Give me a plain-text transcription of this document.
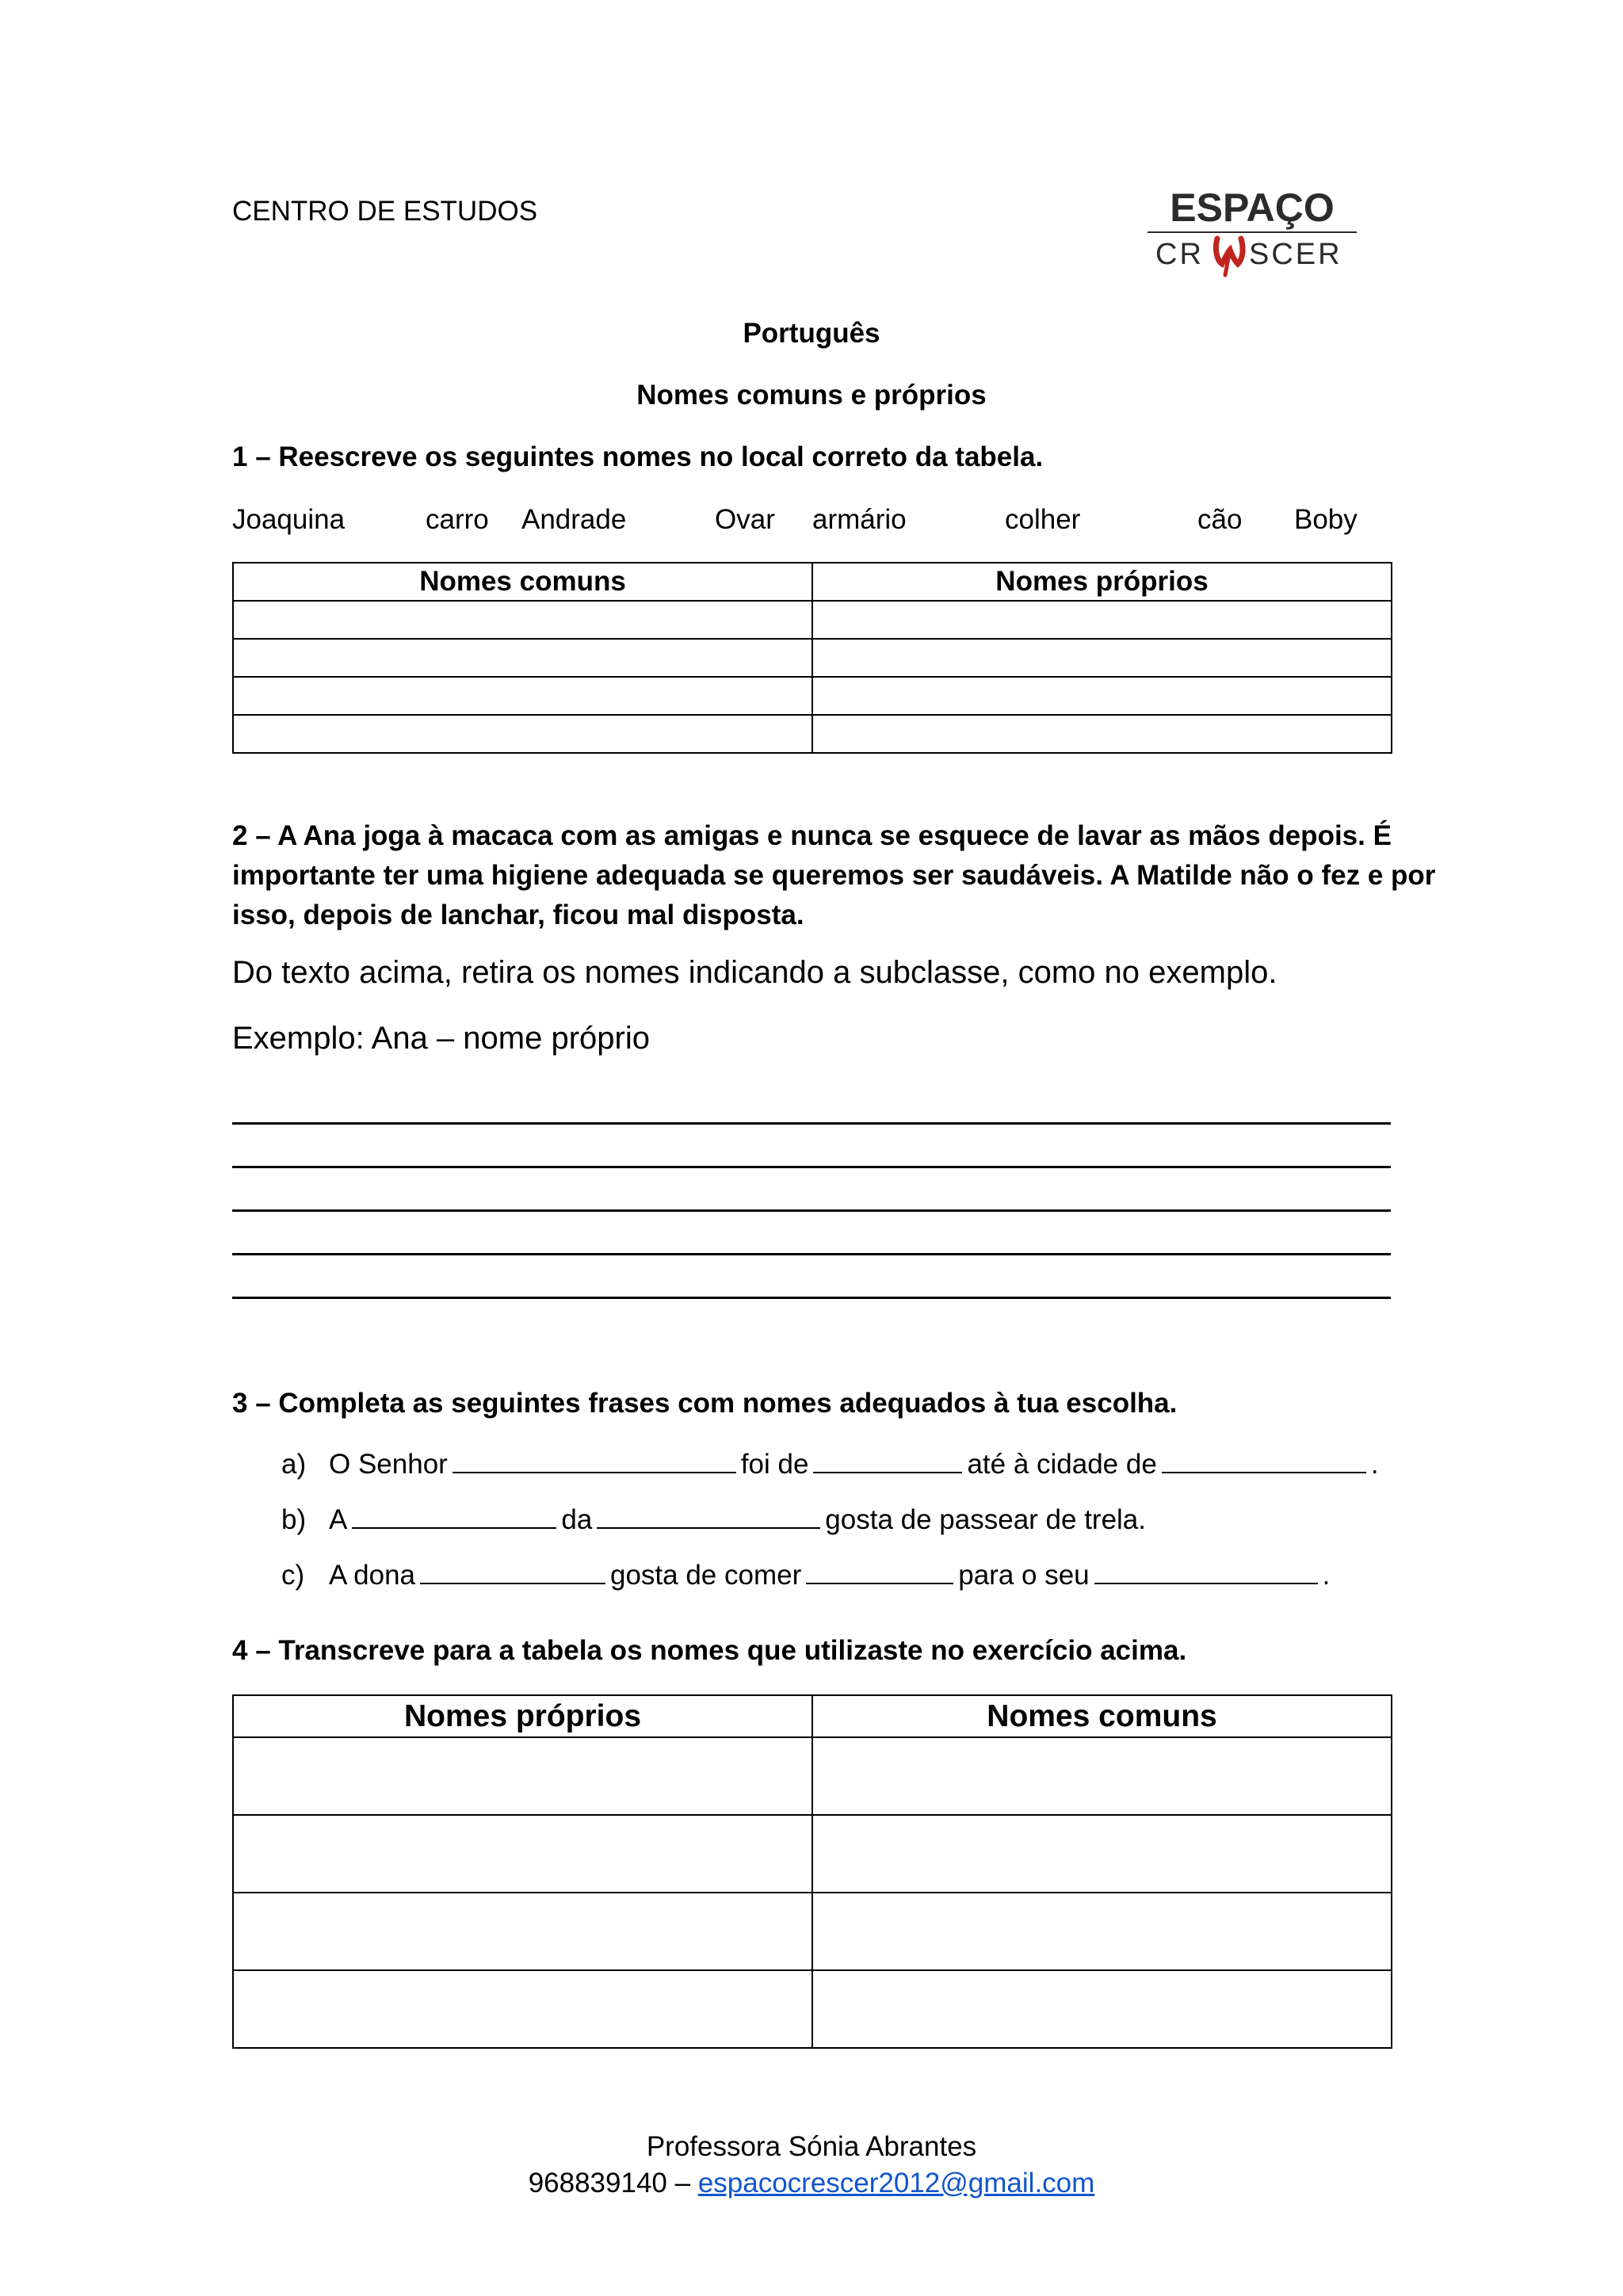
CENTRO DE ESTUDOS	ESPAÇO
CR SCER
Português
Nomes comuns e próprios
1 – Reescreve os seguintes nomes no local correto da tabela.
Joaquina	carro Andrade	Ovar armário	colher	cão Boby
Nomes comuns	Nomes próprios

2 – A Ana joga à macaca com as amigas e nunca se esquece de lavar as mãos depois. É
importante ter uma higiene adequada se queremos ser saudáveis. A Matilde não o fez e por
isso, depois de lanchar, ficou mal disposta.
Do texto acima, retira os nomes indicando a subclasse, como no exemplo.
Exemplo: Ana – nome próprio
3 – Completa as seguintes frases com nomes adequados à tua escolha.
a) O Senhor	foi de	até à cidade de	.
b) A	da	gosta de passear de trela.
c) A dona	gosta de comer	para o seu	.
4 – Transcreve para a tabela os nomes que utilizaste no exercício acima.
Nomes próprios	Nomes comuns

Professora Sónia Abrantes
968839140 – espacocrescer2012@gmail.com
